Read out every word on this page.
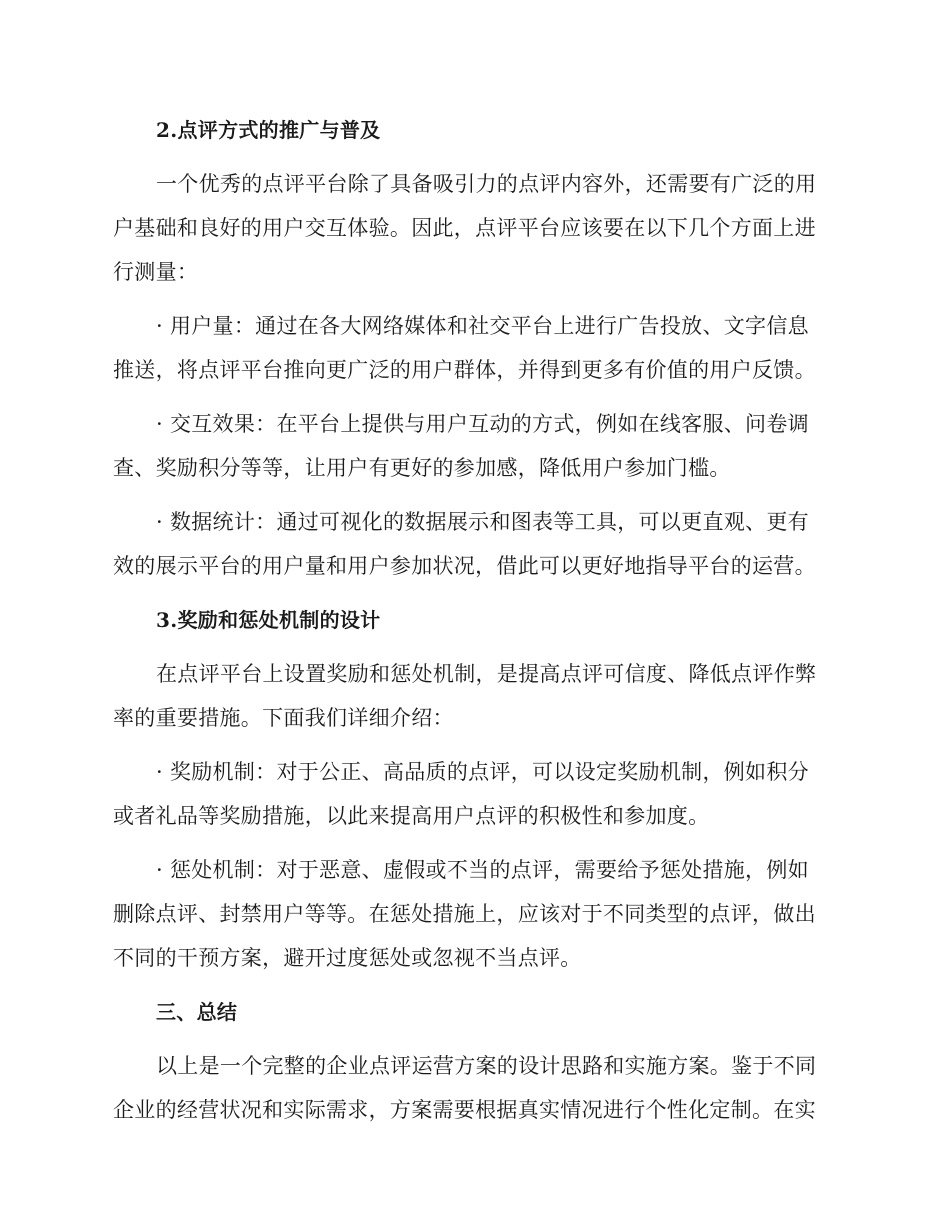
2.点评方式的推广与普及
一个优秀的点评平台除了具备吸引力的点评内容外，还需要有广泛的用
户基础和良好的用户交互体验。因此，点评平台应该要在以下几个方面上进
行测量：
· 用户量：通过在各大网络媒体和社交平台上进行广告投放、文字信息
推送，将点评平台推向更广泛的用户群体，并得到更多有价值的用户反馈。
· 交互效果：在平台上提供与用户互动的方式，例如在线客服、问卷调
查、奖励积分等等，让用户有更好的参加感，降低用户参加门槛。
· 数据统计：通过可视化的数据展示和图表等工具，可以更直观、更有
效的展示平台的用户量和用户参加状况，借此可以更好地指导平台的运营。
3.奖励和惩处机制的设计
在点评平台上设置奖励和惩处机制，是提高点评可信度、降低点评作弊
率的重要措施。下面我们详细介绍：
· 奖励机制：对于公正、高品质的点评，可以设定奖励机制，例如积分
或者礼品等奖励措施，以此来提高用户点评的积极性和参加度。
· 惩处机制：对于恶意、虚假或不当的点评，需要给予惩处措施，例如
删除点评、封禁用户等等。在惩处措施上，应该对于不同类型的点评，做出
不同的干预方案，避开过度惩处或忽视不当点评。
三、总结
以上是一个完整的企业点评运营方案的设计思路和实施方案。鉴于不同
企业的经营状况和实际需求，方案需要根据真实情况进行个性化定制。在实
